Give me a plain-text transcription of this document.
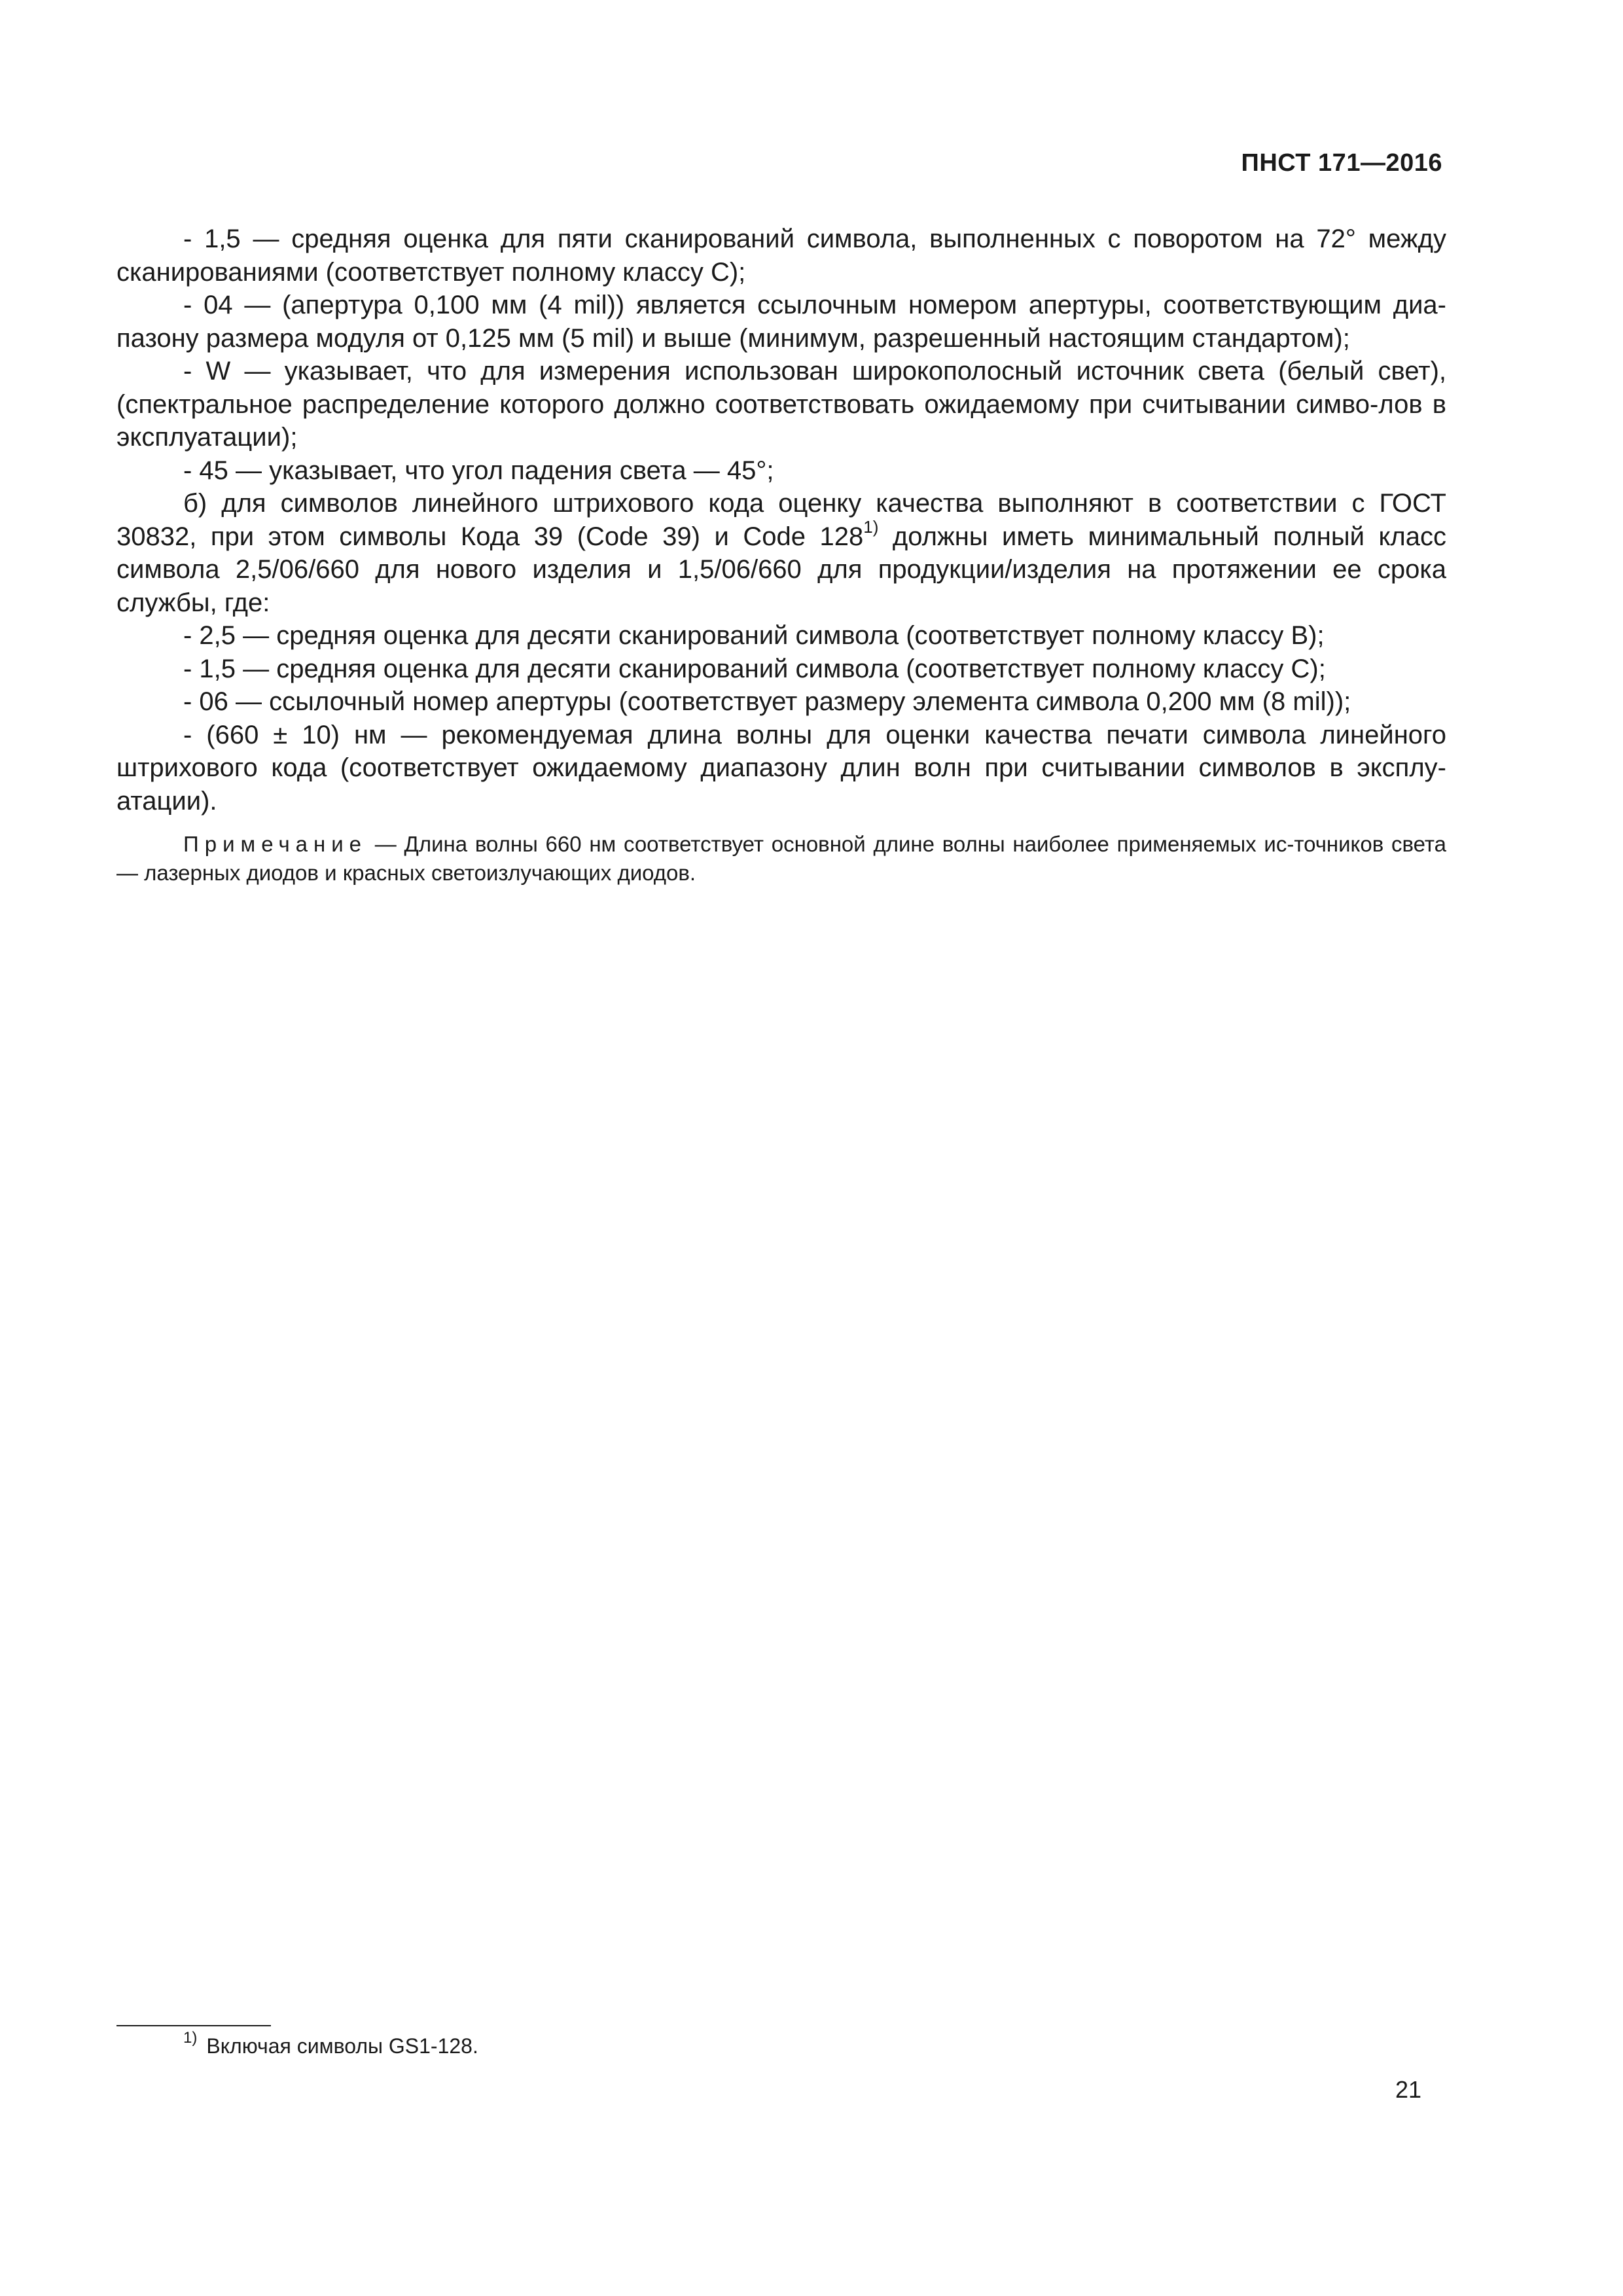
ПНСТ 171—2016

- 1,5 — средняя оценка для пяти сканирований символа, выполненных с поворотом на 72° между сканированиями (соответствует полному классу С);

- 04 — (апертура 0,100 мм (4 mil)) является ссылочным номером апертуры, соответствующим диа-пазону размера модуля от 0,125 мм (5 mil) и выше (минимум, разрешенный настоящим стандартом);

- W — указывает, что для измерения использован широкополосный источник света (белый свет), (спектральное распределение которого должно соответствовать ожидаемому при считывании симво-лов в эксплуатации);

- 45 — указывает, что угол падения света — 45°;

б) для символов линейного штрихового кода оценку качества выполняют в соответствии с ГОСТ 30832, при этом символы Кода 39 (Code 39) и Code 128$^{1)}$ должны иметь минимальный полный класс символа 2,5/06/660 для нового изделия и 1,5/06/660 для продукции/изделия на протяжении ее срока службы, где:

- 2,5 — средняя оценка для десяти сканирований символа (соответствует полному классу В);

- 1,5 — средняя оценка для десяти сканирований символа (соответствует полному классу С);

- 06 — ссылочный номер апертуры (соответствует размеру элемента символа 0,200 мм (8 mil));

- (660 ± 10) нм — рекомендуемая длина волны для оценки качества печати символа линейного штрихового кода (соответствует ожидаемому диапазону длин волн при считывании символов в эксплу-атации).

Примечание — Длина волны 660 нм соответствует основной длине волны наиболее применяемых ис-точников света — лазерных диодов и красных светоизлучающих диодов.

$^{1)}$ Включая символы GS1-128.
21
